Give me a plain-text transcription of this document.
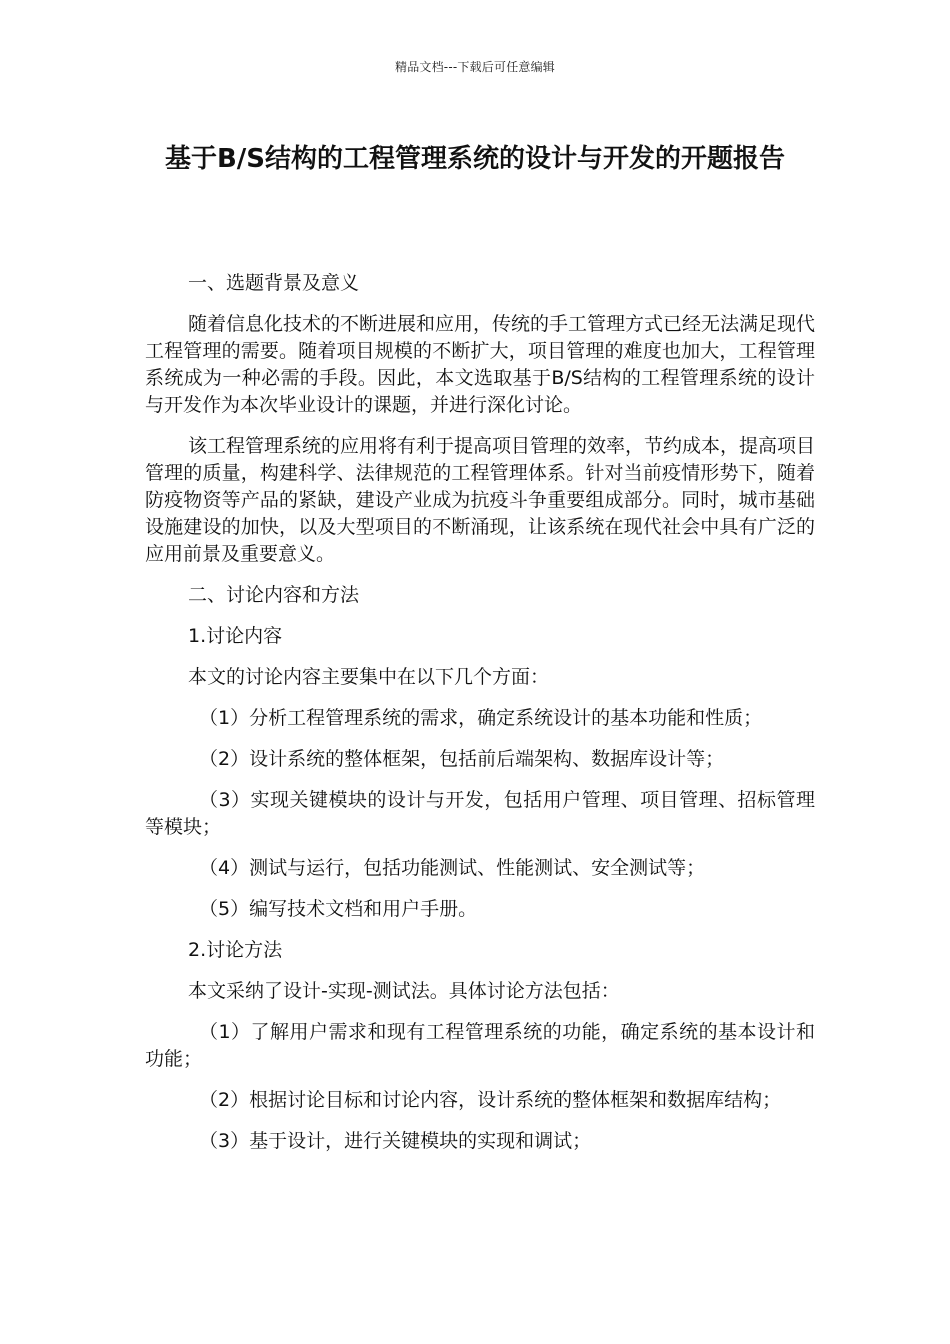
精品文档---下载后可任意编辑
基于B/S结构的工程管理系统的设计与开发的开题报告

一、选题背景及意义

随着信息化技术的不断进展和应用，传统的手工管理方式已经无法满足现代工程管理的需要。随着项目规模的不断扩大，项目管理的难度也加大，工程管理系统成为一种必需的手段。因此，本文选取基于B/S结构的工程管理系统的设计与开发作为本次毕业设计的课题，并进行深化讨论。

该工程管理系统的应用将有利于提高项目管理的效率，节约成本，提高项目管理的质量，构建科学、法律规范的工程管理体系。针对当前疫情形势下，随着防疫物资等产品的紧缺，建设产业成为抗疫斗争重要组成部分。同时，城市基础设施建设的加快，以及大型项目的不断涌现，让该系统在现代社会中具有广泛的应用前景及重要意义。

二、讨论内容和方法

1.讨论内容

本文的讨论内容主要集中在以下几个方面：

（1）分析工程管理系统的需求，确定系统设计的基本功能和性质；

（2）设计系统的整体框架，包括前后端架构、数据库设计等；

（3）实现关键模块的设计与开发，包括用户管理、项目管理、招标管理等模块；

（4）测试与运行，包括功能测试、性能测试、安全测试等；

（5）编写技术文档和用户手册。

2.讨论方法

本文采纳了设计-实现-测试法。具体讨论方法包括：

（1）了解用户需求和现有工程管理系统的功能，确定系统的基本设计和功能；

（2）根据讨论目标和讨论内容，设计系统的整体框架和数据库结构；

（3）基于设计，进行关键模块的实现和调试；
